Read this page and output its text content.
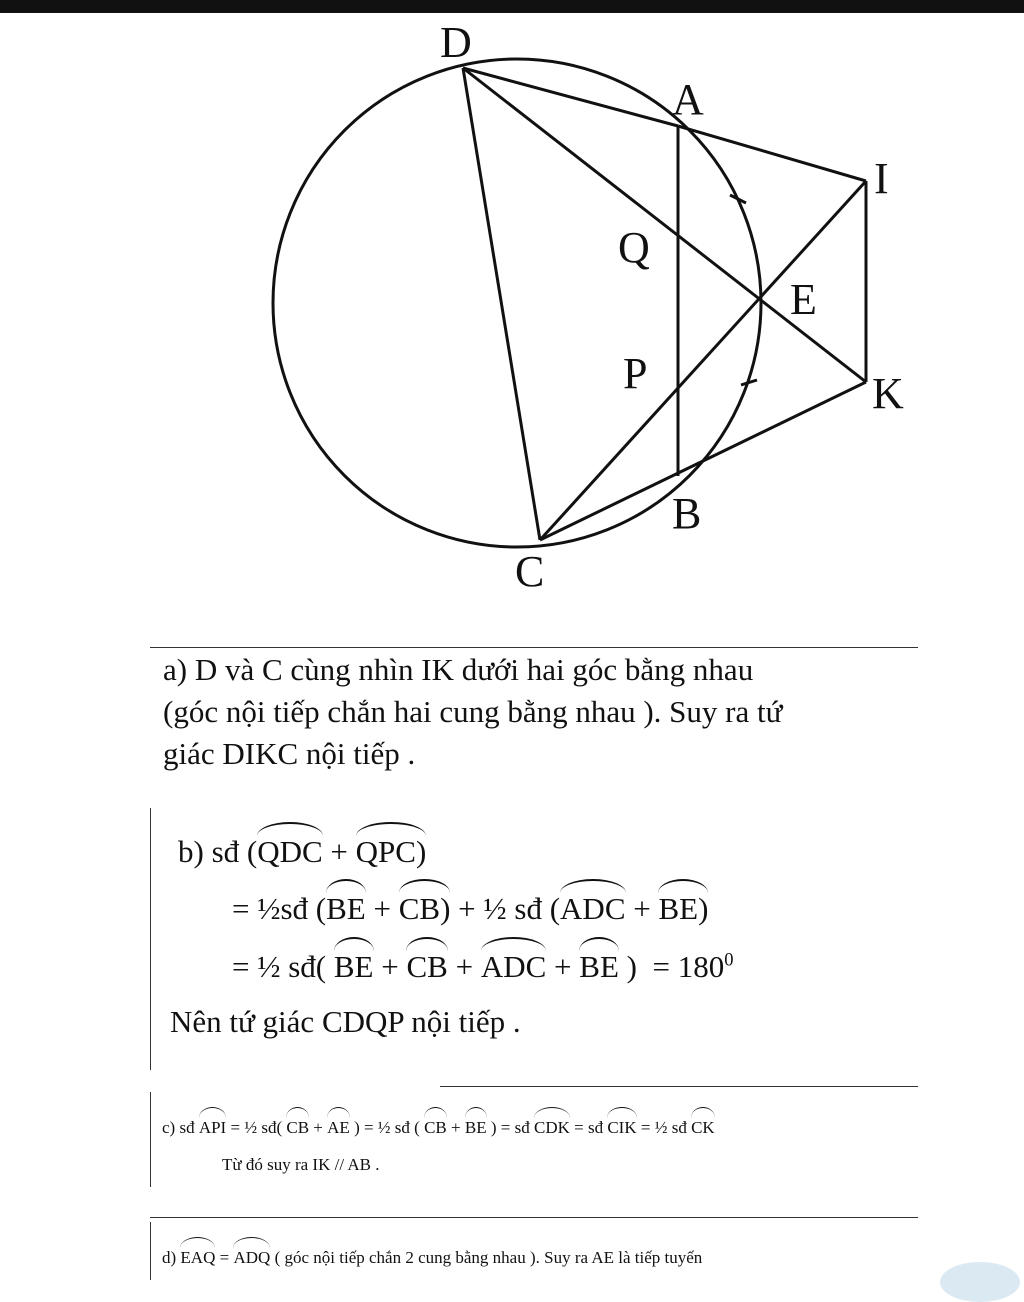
D
A
I
Q
E
P	K
B
C
a) D và C cùng nhìn IK dưới hai góc bằng nhau
(góc nội tiếp chắn hai cung bằng nhau ). Suy ra tứ
giác DIKC nội tiếp .
b) sđ (QDC + QPC)
= ½sđ (BE + CB) + ½ sđ (ADC + BE)
= ½ sđ( BE + CB + ADC + BE ) = $180^0$
Nên tứ giác CDQP nội tiếp .
c) sđ API = ½ sđ( CB + AE ) = ½ sđ ( CB + BE ) = sđ CDK = sđ CIK = ½ sđ CK
Từ đó suy ra IK // AB .
d) EAQ = ADQ ( góc nội tiếp chắn 2 cung bằng nhau ). Suy ra AE là tiếp tuyến
